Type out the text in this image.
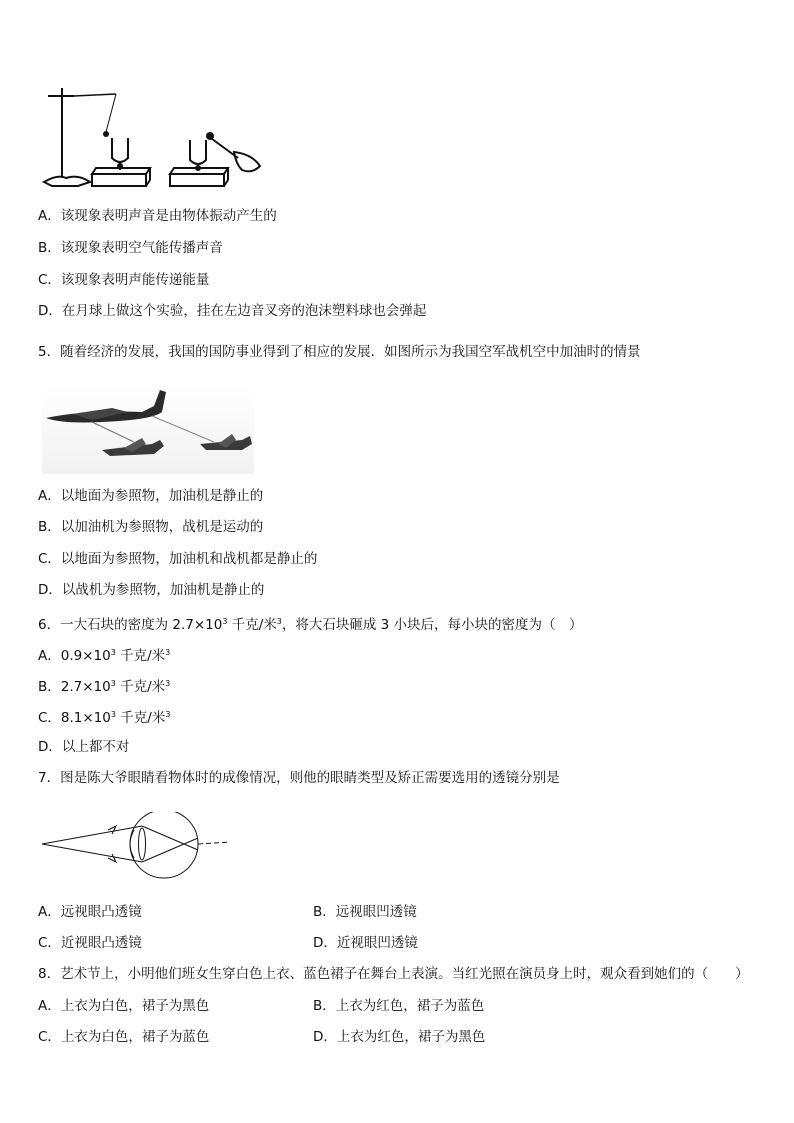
A．该现象表明声音是由物体振动产生的
B．该现象表明空气能传播声音
C．该现象表明声能传递能量
D．在月球上做这个实验，挂在左边音叉旁的泡沫塑料球也会弹起
5．随着经济的发展，我国的国防事业得到了相应的发展．如图所示为我国空军战机空中加油时的情景
A．以地面为参照物，加油机是静止的
B．以加油机为参照物，战机是运动的
C．以地面为参照物，加油机和战机都是静止的
D．以战机为参照物，加油机是静止的
6．一大石块的密度为 $2.7\times 10^3$ 千克/米$^3$，将大石块砸成 3 小块后，每小块的密度为（　）
A．$0.9\times 10^3$ 千克/米$^3$
B．$2.7\times 10^3$ 千克/米$^3$
C．$8.1\times 10^3$ 千克/米$^3$
D．以上都不对
7．图是陈大爷眼睛看物体时的成像情况，则他的眼睛类型及矫正需要选用的透镜分别是
A．远视眼凸透镜	B．远视眼凹透镜
C．近视眼凸透镜	D．近视眼凹透镜
8．艺术节上，小明他们班女生穿白色上衣、蓝色裙子在舞台上表演。当红光照在演员身上时，观众看到她们的（　　）
A．上衣为白色，裙子为黑色	B．上衣为红色，裙子为蓝色
C．上衣为白色，裙子为蓝色	D．上衣为红色，裙子为黑色
